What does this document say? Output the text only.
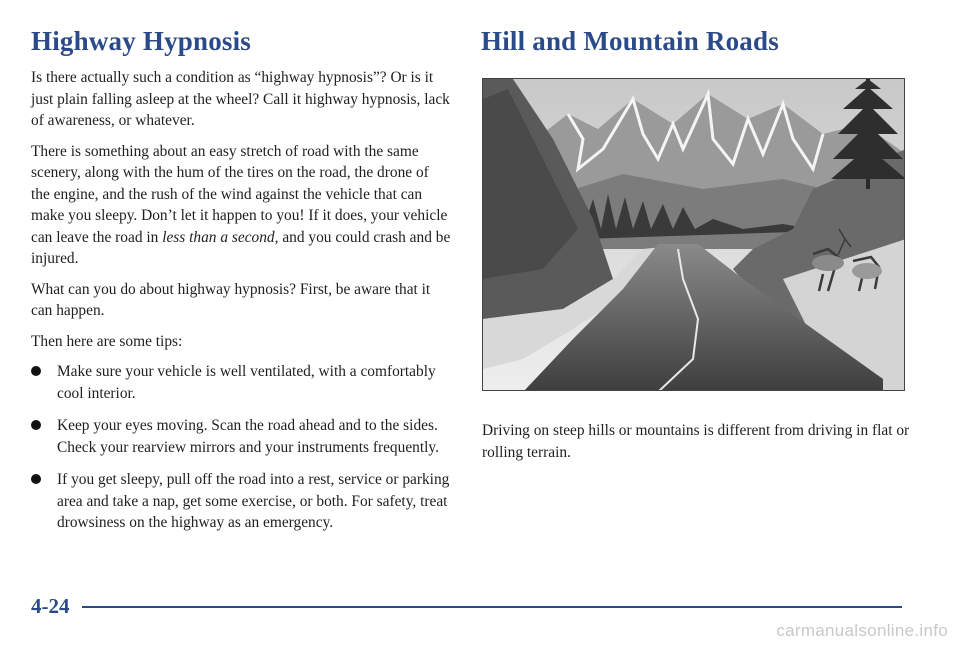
Highway Hypnosis	Hill and Mountain Roads

Is there actually such a condition as “highway hypnosis”? Or is it just plain falling asleep at the wheel? Call it highway hypnosis, lack of awareness, or whatever.

There is something about an easy stretch of road with the same scenery, along with the hum of the tires on the road, the drone of the engine, and the rush of the wind against the vehicle that can make you sleepy. Don’t let it happen to you! If it does, your vehicle can leave the road in less than a second, and you could crash and be injured.

What can you do about highway hypnosis? First, be aware that it can happen.

Then here are some tips:

Make sure your vehicle is well ventilated, with a comfortably cool interior.
Keep your eyes moving. Scan the road ahead and to the sides. Check your rearview mirrors and your instruments frequently.
If you get sleepy, pull off the road into a rest, service or parking area and take a nap, get some exercise, or both. For safety, treat drowsiness on the highway as an emergency.

Driving on steep hills or mountains is different from driving in flat or rolling terrain.

4-24
carmanualsonline.info
